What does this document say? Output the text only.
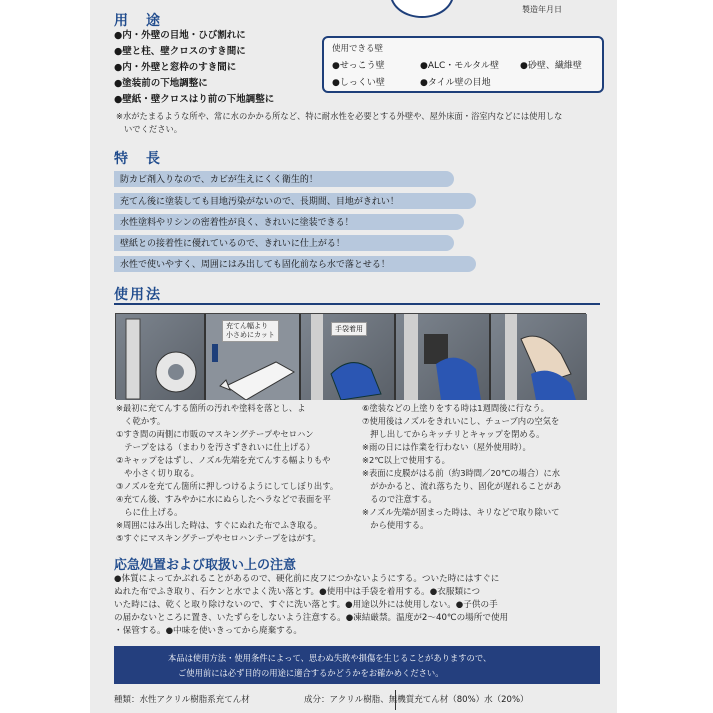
製造年月日
用　途
●内・外壁の目地・ひび割れに
●壁と柱、壁クロスのすき間に
●内・外壁と窓枠のすき間に
●塗装前の下地調整に
●壁紙・壁クロスはり前の下地調整に
※水がたまるような所や、常に水のかかる所など、特に耐水性を必要とする外壁や、屋外床面・浴室内などには使用しな
いでください。
使用できる壁
●せっこう壁	●ALC・モルタル壁 ●砂壁、繊維壁
●しっくい壁	●タイル壁の目地
特　長
防カビ剤入りなので、カビが生えにくく衛生的！
充てん後に塗装しても目地汚染がないので、長期間、目地がきれい！
水性塗料やリシンの密着性が良く、きれいに塗装できる！
壁紙との接着性に優れているので、きれいに仕上がる！
水性で使いやすく、周囲にはみ出しても固化前なら水で落とせる！
使用法
充てん幅より
小さめにカット
手袋着用
※最初に充てんする箇所の汚れや塗料を落とし、よ
　く乾かす。
①すき間の両側に市販のマスキングテープやセロハン
　テープをはる（まわりを汚さずきれいに仕上げる）
②キャップをはずし、ノズル先端を充てんする幅よりもや
　や小さく切り取る。
③ノズルを充てん箇所に押しつけるようにしてしぼり出す。
④充てん後、すみやかに水にぬらしたヘラなどで表面を平
　らに仕上げる。
※周囲にはみ出した時は、すぐにぬれた布でふき取る。
⑤すぐにマスキングテープやセロハンテープをはがす。
⑥塗装などの上塗りをする時は1週間後に行なう。
⑦使用後はノズルをきれいにし、チューブ内の空気を
　押し出してからキッチリとキャップを閉める。
※雨の日には作業を行わない（屋外使用時）。
※2℃以上で使用する。
※表面に皮膜がはる前（約3時間／20℃の場合）に水
　がかかると、流れ落ちたり、固化が遅れることがあ
　るので注意する。
※ノズル先端が固まった時は、キリなどで取り除いて
　から使用する。
応急処置および取扱い上の注意
●体質によってかぶれることがあるので、硬化前に皮フにつかないようにする。ついた時にはすぐに
ぬれた布でふき取り、石ケンと水でよく洗い落とす。●使用中は手袋を着用する。●衣服類につ
いた時には、乾くと取り除けないので、すぐに洗い落とす。●用途以外には使用しない。●子供の手
の届かないところに置き、いたずらをしないよう注意する。●凍結厳禁。温度が2〜40℃の場所で使用
・保管する。●中味を使いきってから廃棄する。
本品は使用方法・使用条件によって、思わぬ失敗や損傷を生じることがありますので、
ご使用前には必ず目的の用途に適合するかどうかをお確かめください。
種類：水性アクリル樹脂系充てん材	成分：アクリル樹脂、無機質充てん材（80%）水（20%）
